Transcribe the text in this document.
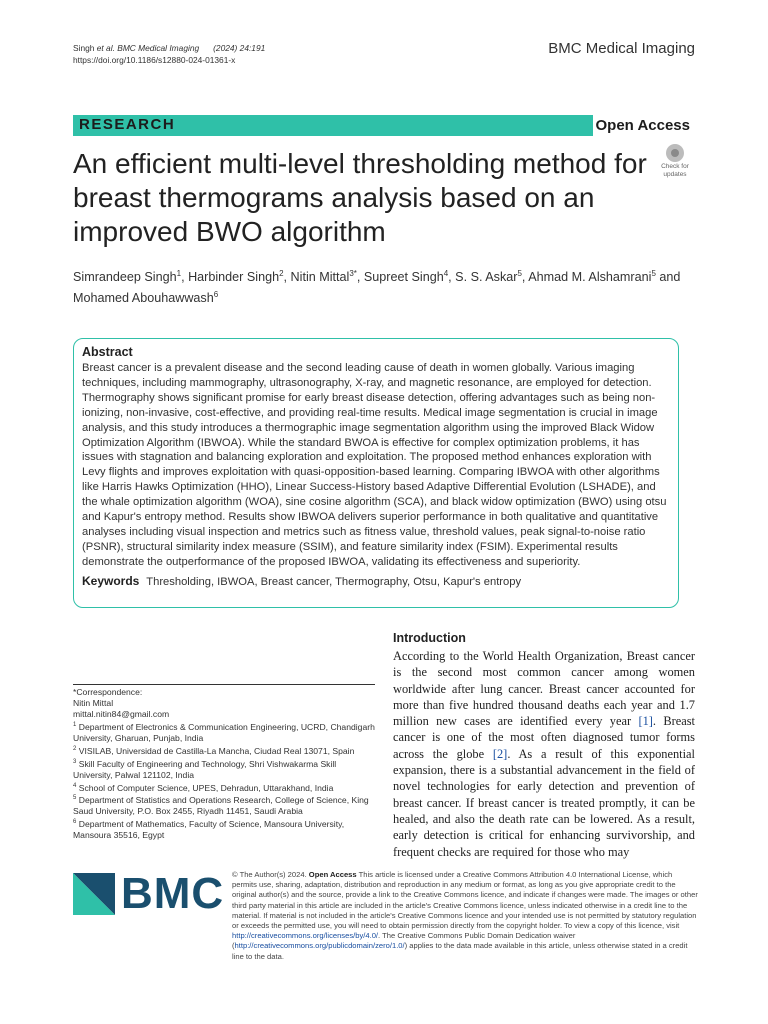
Singh et al. BMC Medical Imaging (2024) 24:191
https://doi.org/10.1186/s12880-024-01361-x
BMC Medical Imaging
RESEARCH	Open Access
An efficient multi-level thresholding method for breast thermograms analysis based on an improved BWO algorithm
Check for
updates
Simrandeep Singh$^1$, Harbinder Singh$^2$, Nitin Mittal$^{3*}$, Supreet Singh$^4$, S. S. Askar$^5$, Ahmad M. Alshamrani$^5$ and Mohamed Abouhawwash$^6$
Abstract

Breast cancer is a prevalent disease and the second leading cause of death in women globally. Various imaging techniques, including mammography, ultrasonography, X-ray, and magnetic resonance, are employed for detection. Thermography shows significant promise for early breast disease detection, offering advantages such as being non-ionizing, non-invasive, cost-effective, and providing real-time results. Medical image segmentation is crucial in image analysis, and this study introduces a thermographic image segmentation algorithm using the improved Black Widow Optimization Algorithm (IBWOA). While the standard BWOA is effective for complex optimization problems, it has issues with stagnation and balancing exploration and exploitation. The proposed method enhances exploration with Levy flights and improves exploitation with quasi-opposition-based learning. Comparing IBWOA with other algorithms like Harris Hawks Optimization (HHO), Linear Success-History based Adaptive Differential Evolution (LSHADE), and the whale optimization algorithm (WOA), sine cosine algorithm (SCA), and black widow optimization (BWO) using otsu and Kapur's entropy method. Results show IBWOA delivers superior performance in both qualitative and quantitative analyses including visual inspection and metrics such as fitness value, threshold values, peak signal-to-noise ratio (PSNR), structural similarity index measure (SSIM), and feature similarity index (FSIM). Experimental results demonstrate the outperformance of the proposed IBWOA, validating its effectiveness and superiority.

Keywords Thresholding, IBWOA, Breast cancer, Thermography, Otsu, Kapur's entropy
Introduction
According to the World Health Organization, Breast cancer is the second most common cancer among women worldwide after lung cancer. Breast cancer accounted for more than five hundred thousand deaths each year and 1.7 million new cases are identified every year [1]. Breast cancer is one of the most often diagnosed tumor forms across the globe [2]. As a result of this exponential expansion, there is a substantial advancement in the field of novel technologies for early detection and prevention of breast cancer. If breast cancer is treated promptly, it can be healed, and also the death rate can be lowered. As a result, early detection is critical for enhancing survivorship, and frequent checks are required for those who may
*Correspondence:
Nitin Mittal
mittal.nitin84@gmail.com
$^1$ Department of Electronics & Communication Engineering, UCRD, Chandigarh University, Gharuan, Punjab, India
$^2$ VISILAB, Universidad de Castilla-La Mancha, Ciudad Real 13071, Spain
$^3$ Skill Faculty of Engineering and Technology, Shri Vishwakarma Skill University, Palwal 121102, India
$^4$ School of Computer Science, UPES, Dehradun, Uttarakhand, India
$^5$ Department of Statistics and Operations Research, College of Science, King Saud University, P.O. Box 2455, Riyadh 11451, Saudi Arabia
$^6$ Department of Mathematics, Faculty of Science, Mansoura University, Mansoura 35516, Egypt
BMC © The Author(s) 2024. Open Access This article is licensed under a Creative Commons Attribution 4.0 International License, which permits use, sharing, adaptation, distribution and reproduction in any medium or format, as long as you give appropriate credit to the original author(s) and the source, provide a link to the Creative Commons licence, and indicate if changes were made. The images or other third party material in this article are included in the article's Creative Commons licence, unless indicated otherwise in a credit line to the material. If material is not included in the article's Creative Commons licence and your intended use is not permitted by statutory regulation or exceeds the permitted use, you will need to obtain permission directly from the copyright holder. To view a copy of this licence, visit http://creativecommons.org/licenses/by/4.0/. The Creative Commons Public Domain Dedication waiver (http://creativecommons.org/publicdomain/zero/1.0/) applies to the data made available in this article, unless otherwise stated in a credit line to the data.
